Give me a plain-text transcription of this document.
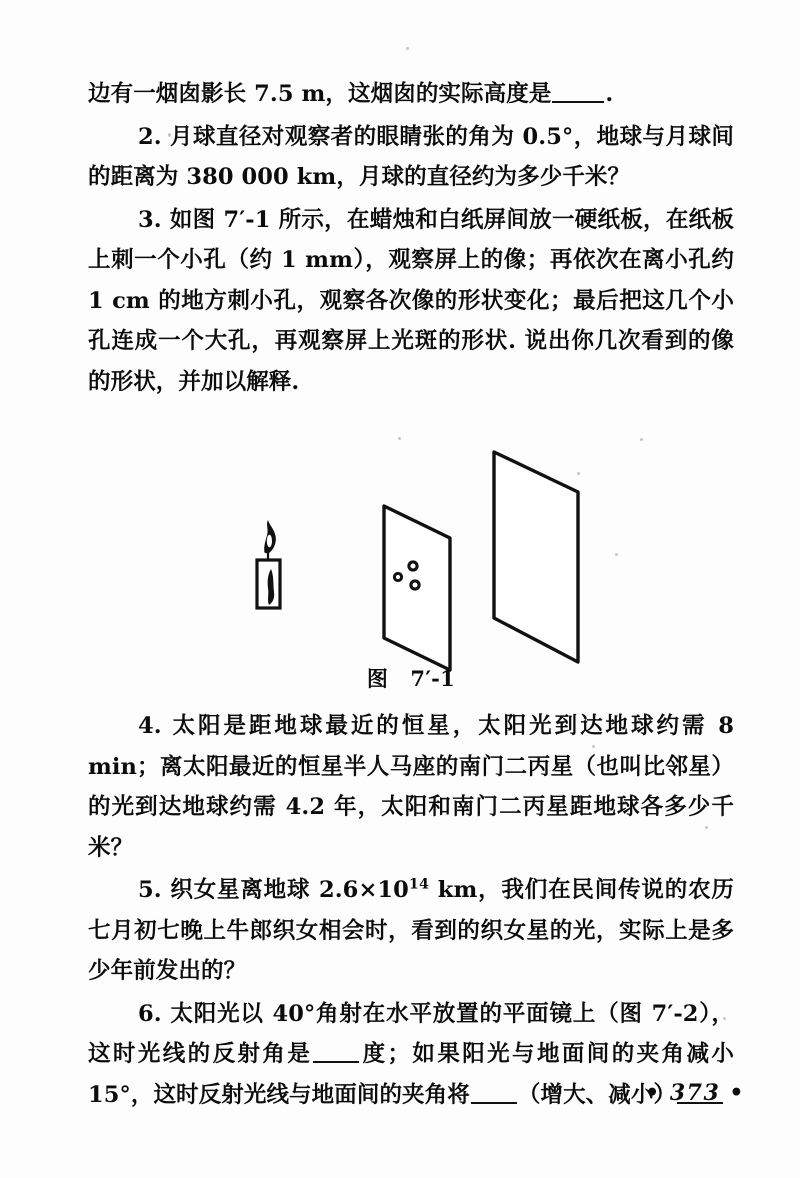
边有一烟囱影长 7.5 m，这烟囱的实际高度是 .

2. 月球直径对观察者的眼睛张的角为 0.5°，地球与月球间的距离为 380 000 km，月球的直径约为多少千米？

3. 如图 7′-1 所示，在蜡烛和白纸屏间放一硬纸板，在纸板上刺一个小孔（约 1 mm），观察屏上的像；再依次在离小孔约 1 cm 的地方刺小孔，观察各次像的形状变化；最后把这几个小孔连成一个大孔，再观察屏上光斑的形状. 说出你几次看到的像的形状，并加以解释.

图 7′-1

4. 太阳是距地球最近的恒星，太阳光到达地球约需 8 min；离太阳最近的恒星半人马座的南门二丙星（也叫比邻星）的光到达地球约需 4.2 年，太阳和南门二丙星距地球各多少千米？

5. 织女星离地球 $2.6\times 10^{14}$ km，我们在民间传说的农历七月初七晚上牛郎织女相会时，看到的织女星的光，实际上是多少年前发出的？

6. 太阳光以 40°角射在水平放置的平面镜上（图 7′-2），这时光线的反射角是 度；如果阳光与地面间的夹角减小 15°，这时反射光线与地面间的夹角将 （增大、减小）

• 373 •
